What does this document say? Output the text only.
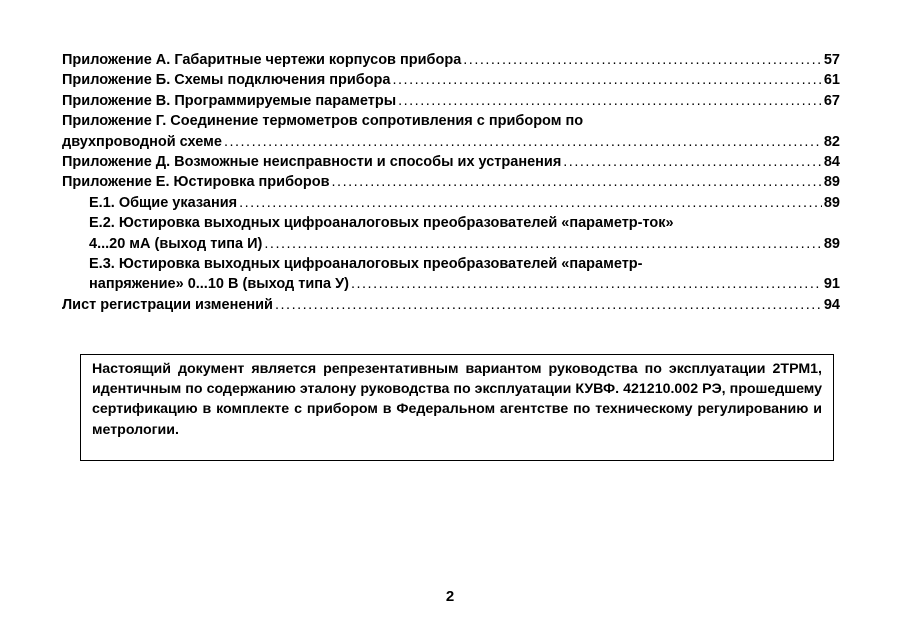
Приложение А. Габаритные чертежи корпусов прибора .....	57
Приложение Б. Схемы подключения прибора .....	61
Приложение В. Программируемые параметры .....	67
Приложение Г. Соединение термометров сопротивления с прибором по
двухпроводной схеме .....	82
Приложение Д. Возможные неисправности и способы их устранения .....	84
Приложение Е. Юстировка приборов .....	89
Е.1. Общие указания .....	89
Е.2. Юстировка выходных цифроаналоговых преобразователей «параметр-ток»
4...20 мА (выход типа И) .....	89
Е.3. Юстировка выходных цифроаналоговых преобразователей «параметр-
напряжение» 0...10 В (выход типа У) .....	91
Лист регистрации изменений .....	94
Настоящий документ является репрезентативным вариантом руководства по эксплуатации 2ТРМ1, идентичным по содержанию эталону руководства по эксплуатации КУВФ. 421210.002 РЭ, прошедшему сертификацию в комплекте с прибором в Федеральном агентстве по техническому регулированию и метрологии.
2
